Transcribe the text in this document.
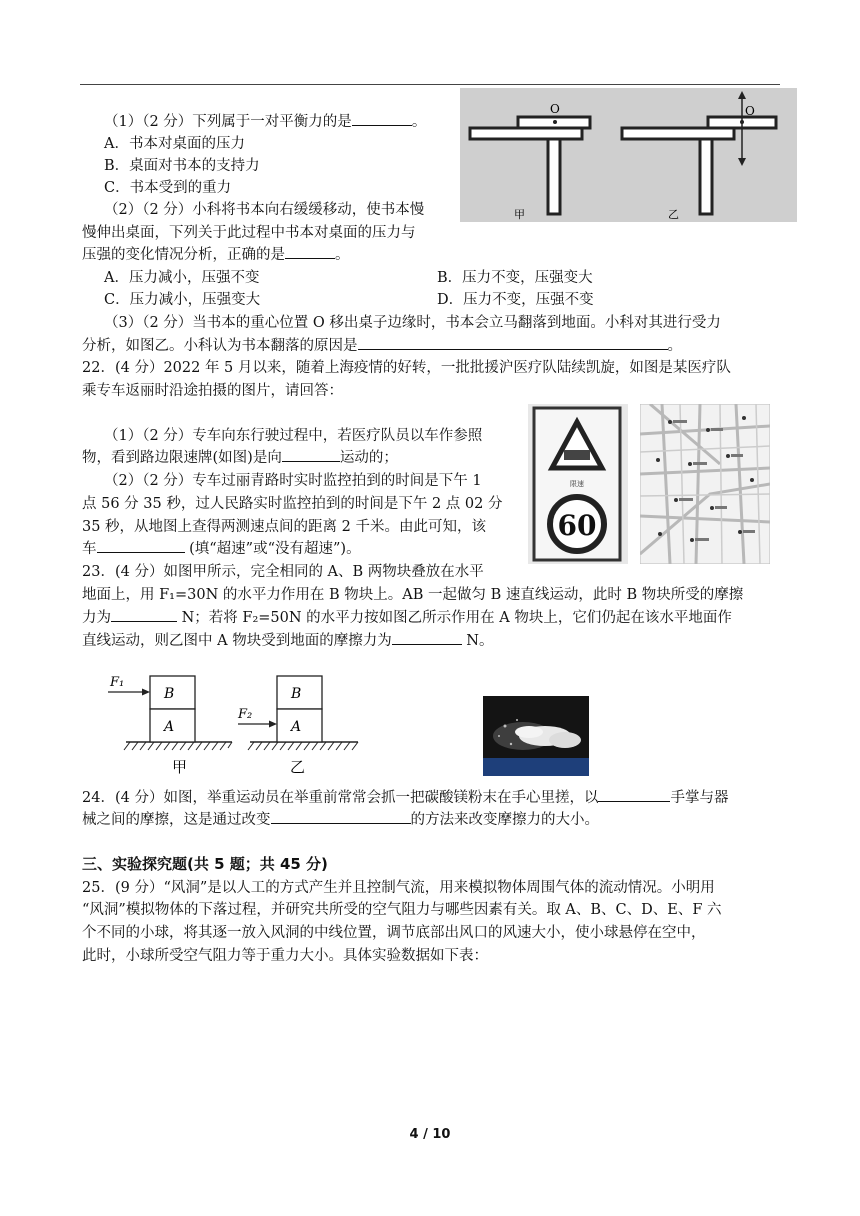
O
甲
O
乙
（1）（2 分）下列属于一对平衡力的是	。
A．书本对桌面的压力
B．桌面对书本的支持力
C．书本受到的重力
（2）（2 分）小科将书本向右缓缓移动，使书本慢
慢伸出桌面，下列关于此过程中书本对桌面的压力与
压强的变化情况分析，正确的是	。
A．压力减小，压强不变	B．压力不变，压强变大
C．压力减小，压强变大	D．压力不变，压强不变
（3）（2 分）当书本的重心位置 O 移出桌子边缘时，书本会立马翻落到地面。小科对其进行受力
分析，如图乙。小科认为书本翻落的原因是	。
22．(4 分）2022 年 5 月以来，随着上海疫情的好转，一批批援沪医疗队陆续凯旋，如图是某医疗队
乘专车返丽时沿途拍摄的图片，请回答：
限速
60
（1）（2 分）专车向东行驶过程中，若医疗队员以车作参照
物，看到路边限速牌(如图)是向	运动的；
（2）（2 分）专车过丽青路时实时监控拍到的时间是下午 1
点 56 分 35 秒，过人民路实时监控拍到的时间是下午 2 点 02 分
35 秒，从地图上查得两测速点间的距离 2 千米。由此可知，该
车	(填“超速”或“没有超速”)。
23．(4 分）如图甲所示，完全相同的 A、B 两物块叠放在水平
地面上，用 F₁=30N 的水平力作用在 B 物块上。AB 一起做匀 B 速直线运动，此时 B 物块所受的摩擦
力为	N；若将 F₂=50N 的水平力按如图乙所示作用在 A 物块上，它们仍起在该水平地面作
直线运动，则乙图中 A 物块受到地面的摩擦力为	N。
B
A
F₁
甲
B
A
F₂
乙
24．(4 分）如图，举重运动员在举重前常常会抓一把碳酸镁粉末在手心里搓，以	手掌与器
械之间的摩擦，这是通过改变	的方法来改变摩擦力的大小。
三、实验探究题(共 5 题；共 45 分)
25．(9 分）“风洞”是以人工的方式产生并且控制气流，用来模拟物体周围气体的流动情况。小明用
“风洞”模拟物体的下落过程，并研究共所受的空气阻力与哪些因素有关。取 A、B、C、D、E、F 六
个不同的小球，将其逐一放入风洞的中线位置，调节底部出风口的风速大小，使小球悬停在空中，
此时，小球所受空气阻力等于重力大小。具体实验数据如下表：
4 / 10
